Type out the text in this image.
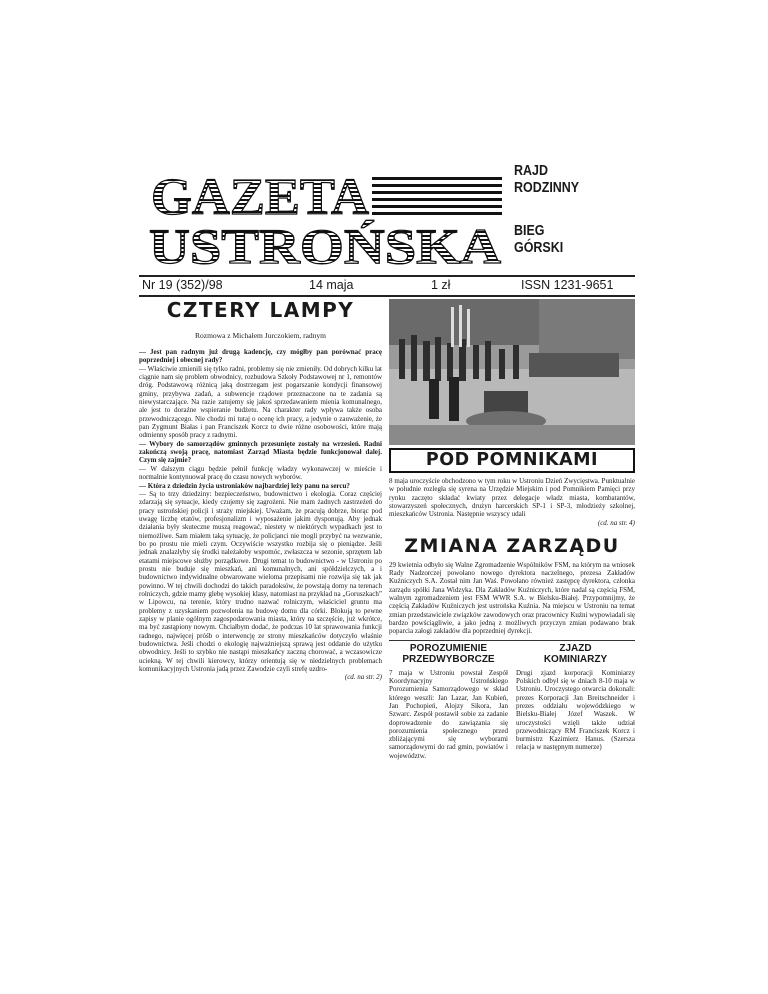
GAZETA
USTROŃSKA
RAJD
RODZINNY
BIEG
GÓRSKI
Nr 19 (352)/98	14 maja	1 zł	ISSN 1231-9651
CZTERY LAMPY
Rozmowa z Michałem Jurczokiem, radnym

— Jest pan radnym już drugą kadencję, czy mógłby pan porównać pracę poprzedniej i obecnej rady?
— Właściwie zmienili się tylko radni, problemy się nie zmieniły. Od dobrych kilku lat ciągnie nam się problem obwodnicy, rozbudowa Szkoły Podstawowej nr 1, remontów dróg. Podstawową różnicą jaką dostrzegam jest pogarszanie kondycji finansowej gminy, przybywa zadań, a subwencje rządowe przeznaczone na te zadania są niewystarczające. Na razie zatujemy się jakoś sprzedawaniem mienia komunalnego, ale jest to doraźne wspieranie budżetu. Na charakter rady wpływa także osoba przewodniczącego. Nie chodzi mi tutaj o ocenę ich pracy, a jedynie o zauważenie, że pan Zygmunt Białas i pan Franciszek Korcz to dwie różne osobowości, które mają odmienny sposób pracy z radnymi.
— Wybory do samorządów gminnych przesunięte zostały na wrzesień. Radni zakończą swoją pracę, natomiast Zarząd Miasta będzie funkcjonował dalej. Czym się zajmie?
— W dalszym ciągu będzie pełnił funkcję władzy wykonawczej w mieście i normalnie kontynuował pracę do czasu nowych wyborów.
— Która z dziedzin życia ustroniaków najbardziej leży panu na sercu?
— Są to trzy dziedziny: bezpieczeństwo, budownictwo i ekologia. Coraz częściej zdarzają się sytuacje, kiedy czujemy się zagrożeni. Nie mam żadnych zastrzeżeń do pracy ustrońskiej policji i straży miejskiej. Uważam, że pracują dobrze, biorąc pod uwagę liczbę etatów, profesjonalizm i wyposażenie jakim dysponują. Aby jednak działania były skuteczne muszą reagować, niestety w niektórych wypadkach jest to niemożliwe. Sam miałem taką sytuację, że policjanci nie mogli przybyć na wezwanie, bo po prostu nie mieli czym. Oczywiście wszystko rozbija się o pieniądze. Jeśli jednak znalazłyby się środki należałoby wspomóc, zwłaszcza w sezonie, sprzętem lab etatami miejscowe służby porządkowe. Drugi temat to budownictwo - w Ustroniu po prostu nie buduje się mieszkań, ani komunalnych, ani spółdzielczych, a i budownictwo indywidualne obwarowane wieloma przepisami nie rozwija się tak jak powinno. W tej chwili dochodzi do takich paradoksów, że powstają domy na terenach rolniczych, gdzie mamy glebę wysokiej klasy, natomiast na przykład na „Goruszkach” w Lipowcu, na terenie, który trudno nazwać rolniczym, właściciel gruntu ma problemy z uzyskaniem pozwolenia na budowę domu dla córki. Blokują to pewne zapisy w planie ogólnym zagospodarowania miasta, który na szczęście, już wkrótce, ma być zastąpiony nowym. Chciałbym dodać, że podczas 10 lat sprawowania funkcji radnego, najwięcej próśb o interwencję ze strony mieszkańców dotyczyło właśnie budownictwa. Jeśli chodzi o ekologię najważniejszą sprawą jest oddanie do użytku obwodnicy. Jeśli to szybko nie nastąpi mieszkańcy zaczną chorować, a wczasowicze uciekną. W tej chwili kierowcy, którzy orientują się w niedzielnych problemach komunikacyjnych Ustronia jadą przez Zawodzie czyli strefę uzdro-

(cd. na str. 2)
POD POMNIKAMI

8 maja uroczyście obchodzono w tym roku w Ustroniu Dzień Zwycięstwa. Punktualnie w południe rozległa się syrena na Urzędzie Miejskim i pod Pomnikiem Pamięci przy rynku zaczęto składać kwiaty przez delegacje władz miasta, kombatantów, stowarzyszeń społecznych, drużyn harcerskich SP-1 i SP-3, młodzieży szkolnej, mieszkańców Ustronia. Następnie wszyscy udali

(cd. na str. 4)
ZMIANA ZARZĄDU

29 kwietnia odbyło się Walne Zgromadzenie Wspólników FSM, na którym na wniosek Rady Nadzorczej powołano nowego dyrektora naczelnego, prezesa Zakładów Kuźniczych S.A. Został nim Jan Waś. Powołano również zastępcę dyrektora, członka zarządu spółki Jana Widzyka. Dla Zakładów Kuźniczych, które nadal są częścią FSM, walnym zgromadzeniem jest FSM WWR S.A. w Bielsku-Białej. Przypomnijmy, że częścią Zakładów Kuźniczych jest ustrońska Kuźnia. Na miejscu w Ustroniu na temat zmian przedstawiciele związków zawodowych oraz pracownicy Kuźni wypowiadali się bardzo powściągliwie, a jako jedną z możliwych przyczyn zmian podawano brak poparcia załogi zakładów dla poprzedniej dyrekcji.

POROZUMIENIE
PRZEDWYBORCZE

7 maja w Ustroniu powstał Zespół Koordynacyjny Ustrońskiego Porozumienia Samorządowego w skład którego weszli: Jan Lazar, Jan Kubień, Jan Pochopień, Alojzy Sikora, Jan Szwarc. Zespół postawił sobie za zadanie doprowadzenie do zawiązania się porozumienia społecznego przed zbliżającymi się wyborami samorządowymi do rad gmin, powiatów i województw.

ZJAZD
KOMINIARZY

Drugi zjazd korporacji Kominiarzy Polskich odbył się w dniach 8-10 maja w Ustroniu. Uroczystego otwarcia dokonali: prezes Korporacji Jan Breitschneider i prezes oddziału wojewódzkiego w Bielsku-Białej Józef Waszek. W uroczystości wzięli także udział przewodniczący RM Franciszek Korcz i burmistrz Kazimierz Hanus. (Szersza relacja w następnym numerze)
